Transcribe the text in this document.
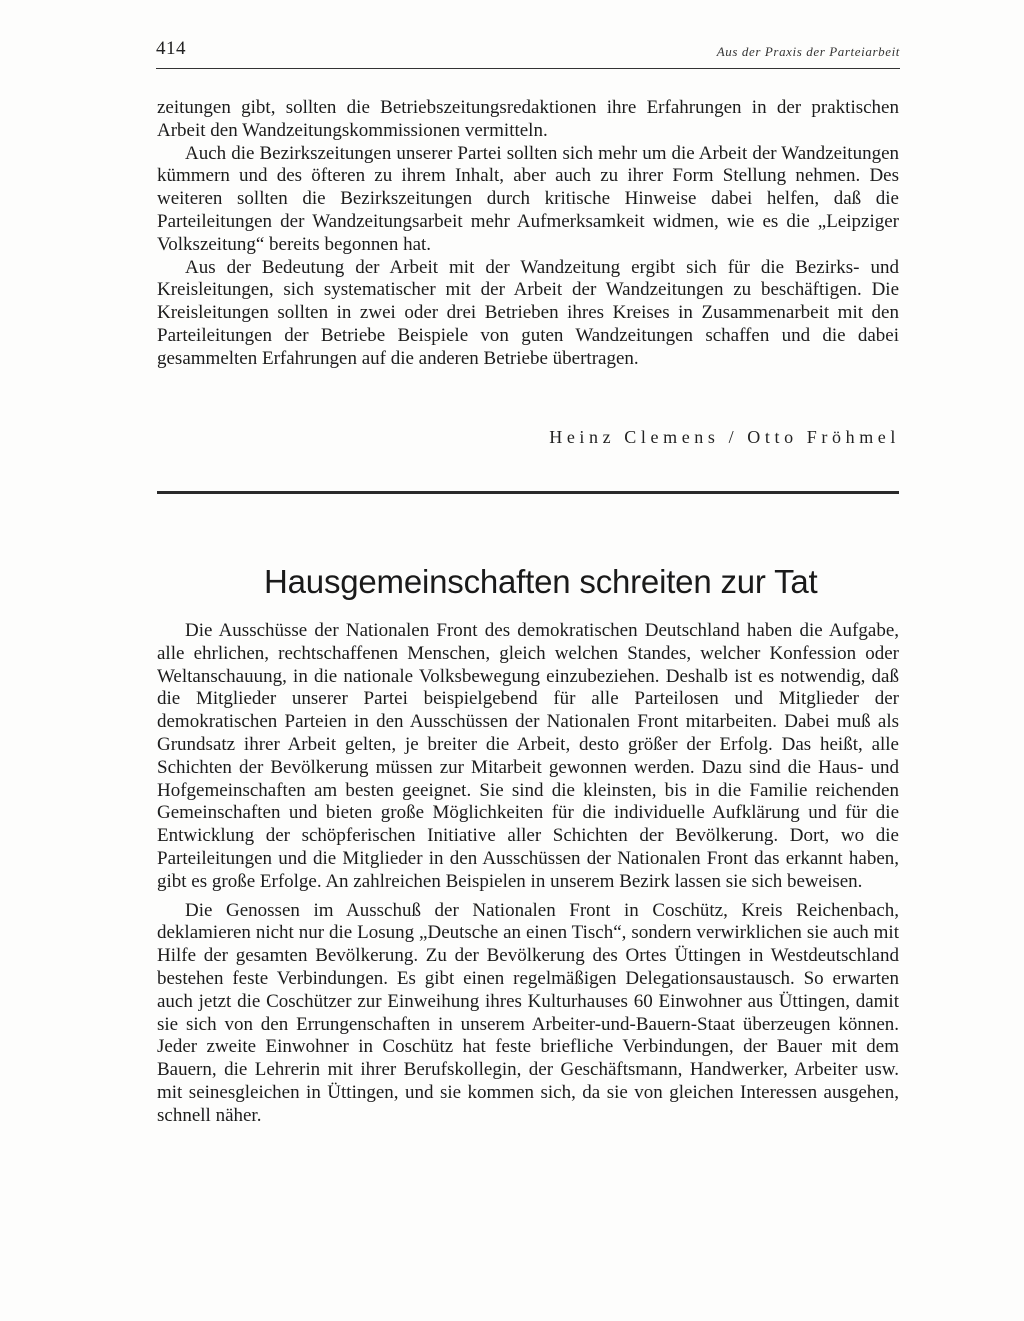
414	Aus der Praxis der Parteiarbeit

zeitungen gibt, sollten die Betriebszeitungsredaktionen ihre Erfahrungen in der praktischen Arbeit den Wandzeitungskommissionen vermitteln.

Auch die Bezirkszeitungen unserer Partei sollten sich mehr um die Arbeit der Wandzeitungen kümmern und des öfteren zu ihrem Inhalt, aber auch zu ihrer Form Stellung nehmen. Des weiteren sollten die Bezirkszeitungen durch kritische Hinweise dabei helfen, daß die Parteileitungen der Wandzeitungsarbeit mehr Aufmerksamkeit widmen, wie es die „Leipziger Volkszeitung“ bereits begonnen hat.

Aus der Bedeutung der Arbeit mit der Wandzeitung ergibt sich für die Bezirks- und Kreisleitungen, sich systematischer mit der Arbeit der Wandzeitungen zu beschäftigen. Die Kreisleitungen sollten in zwei oder drei Betrieben ihres Kreises in Zusammenarbeit mit den Parteileitungen der Betriebe Beispiele von guten Wandzeitungen schaffen und die dabei gesammelten Erfahrungen auf die anderen Betriebe übertragen.

Heinz Clemens / Otto Fröhmel
Hausgemeinschaften schreiten zur Tat

Die Ausschüsse der Nationalen Front des demokratischen Deutschland haben die Aufgabe, alle ehrlichen, rechtschaffenen Menschen, gleich welchen Standes, welcher Konfession oder Weltanschauung, in die nationale Volksbewegung einzubeziehen. Deshalb ist es notwendig, daß die Mitglieder unserer Partei beispielgebend für alle Parteilosen und Mitglieder der demokratischen Parteien in den Ausschüssen der Nationalen Front mitarbeiten. Dabei muß als Grundsatz ihrer Arbeit gelten, je breiter die Arbeit, desto größer der Erfolg. Das heißt, alle Schichten der Bevölkerung müssen zur Mitarbeit gewonnen werden. Dazu sind die Haus- und Hofgemeinschaften am besten geeignet. Sie sind die kleinsten, bis in die Familie reichenden Gemeinschaften und bieten große Möglichkeiten für die individuelle Aufklärung und für die Entwicklung der schöpferischen Initiative aller Schichten der Bevölkerung. Dort, wo die Parteileitungen und die Mitglieder in den Ausschüssen der Nationalen Front das erkannt haben, gibt es große Erfolge. An zahlreichen Beispielen in unserem Bezirk lassen sie sich beweisen.

Die Genossen im Ausschuß der Nationalen Front in Coschütz, Kreis Reichenbach, deklamieren nicht nur die Losung „Deutsche an einen Tisch“, sondern verwirklichen sie auch mit Hilfe der gesamten Bevölkerung. Zu der Bevölkerung des Ortes Üttingen in Westdeutschland bestehen feste Verbindungen. Es gibt einen regelmäßigen Delegationsaustausch. So erwarten auch jetzt die Coschützer zur Einweihung ihres Kulturhauses 60 Einwohner aus Üttingen, damit sie sich von den Errungenschaften in unserem Arbeiter-und-Bauern-Staat überzeugen können. Jeder zweite Einwohner in Coschütz hat feste briefliche Verbindungen, der Bauer mit dem Bauern, die Lehrerin mit ihrer Berufskollegin, der Geschäftsmann, Handwerker, Arbeiter usw. mit seinesgleichen in Üttingen, und sie kommen sich, da sie von gleichen Interessen ausgehen, schnell näher.
